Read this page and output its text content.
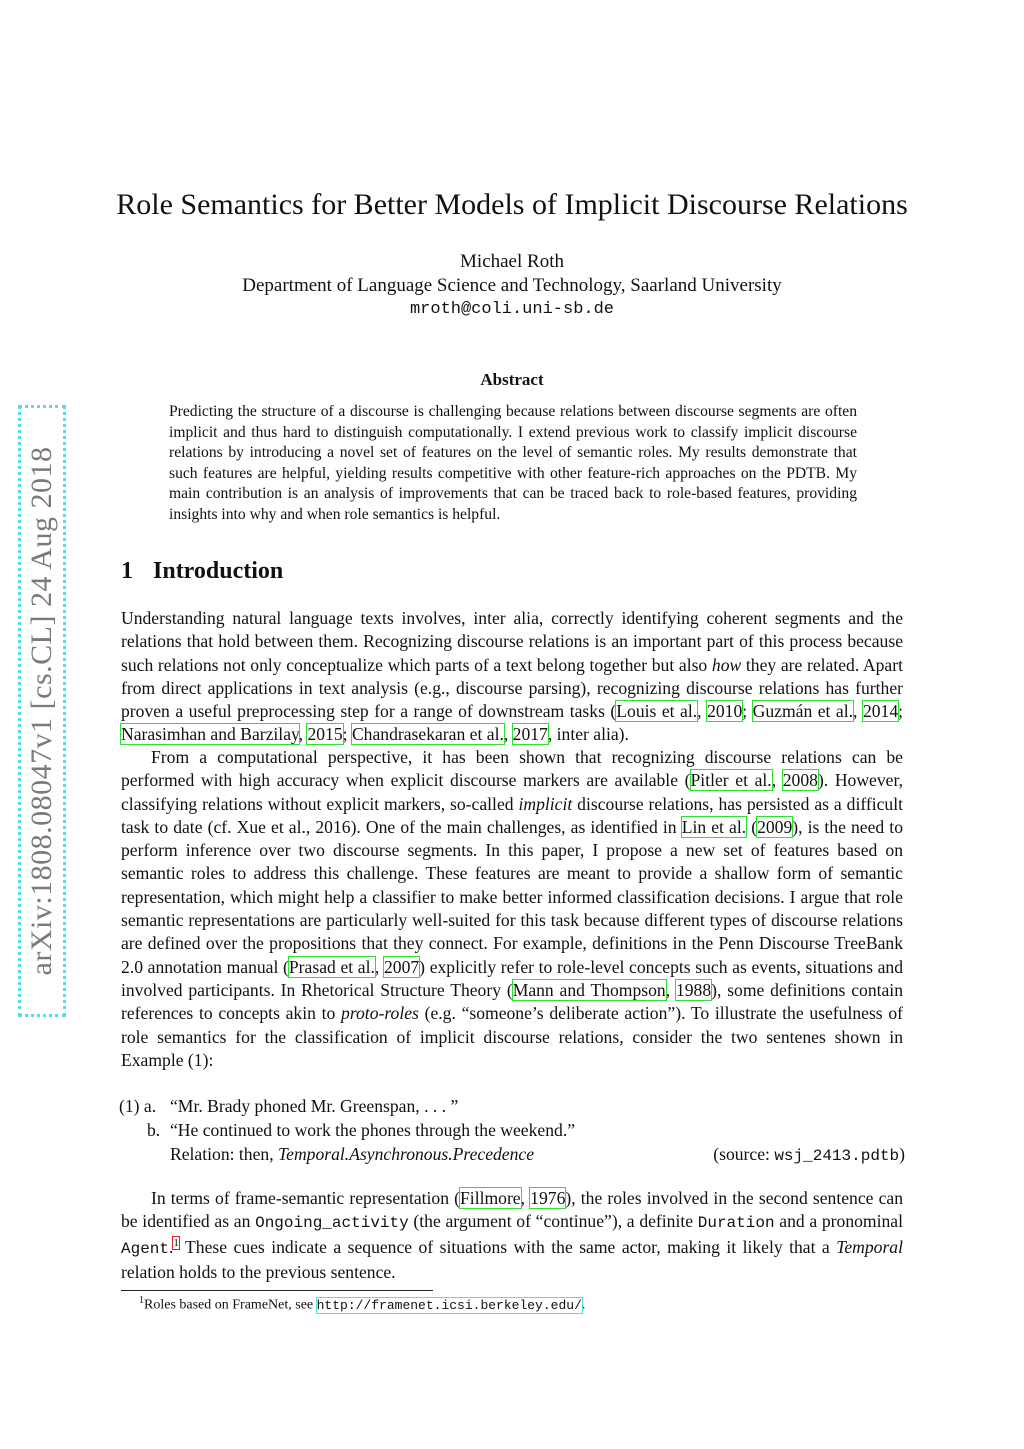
arXiv:1808.08047v1 [cs.CL] 24 Aug 2018
Role Semantics for Better Models of Implicit Discourse Relations
Michael Roth
Department of Language Science and Technology, Saarland University
mroth@coli.uni-sb.de
Abstract
Predicting the structure of a discourse is challenging because relations between discourse segments are often implicit and thus hard to distinguish computationally. I extend previous work to classify implicit discourse relations by introducing a novel set of features on the level of semantic roles. My results demonstrate that such features are helpful, yielding results competitive with other feature-rich approaches on the PDTB. My main contribution is an analysis of improvements that can be traced back to role-based features, providing insights into why and when role semantics is helpful.
1 Introduction

Understanding natural language texts involves, inter alia, correctly identifying coherent segments and the relations that hold between them. Recognizing discourse relations is an important part of this process because such relations not only conceptualize which parts of a text belong together but also how they are related. Apart from direct applications in text analysis (e.g., discourse parsing), recognizing discourse relations has further proven a useful preprocessing step for a range of downstream tasks (Louis et al., 2010; Guzmán et al., 2014; Narasimhan and Barzilay, 2015; Chandrasekaran et al., 2017, inter alia).

From a computational perspective, it has been shown that recognizing discourse relations can be performed with high accuracy when explicit discourse markers are available (Pitler et al., 2008). However, classifying relations without explicit markers, so-called implicit discourse relations, has persisted as a difficult task to date (cf. Xue et al., 2016). One of the main challenges, as identified in Lin et al. (2009), is the need to perform inference over two discourse segments. In this paper, I propose a new set of features based on semantic roles to address this challenge. These features are meant to provide a shallow form of semantic representation, which might help a classifier to make better informed classification decisions. I argue that role semantic representations are particularly well-suited for this task because different types of discourse relations are defined over the propositions that they connect. For example, definitions in the Penn Discourse TreeBank 2.0 annotation manual (Prasad et al., 2007) explicitly refer to role-level concepts such as events, situations and involved participants. In Rhetorical Structure Theory (Mann and Thompson, 1988), some definitions contain references to concepts akin to proto-roles (e.g. “someone’s deliberate action”). To illustrate the usefulness of role semantics for the classification of implicit discourse relations, consider the two sentenes shown in Example (1):

(1) a. “Mr. Brady phoned Mr. Greenspan, . . . ”
b. “He continued to work the phones through the weekend.”
Relation: then, Temporal.Asynchronous.Precedence	(source: wsj_2413.pdtb)

In terms of frame-semantic representation (Fillmore, 1976), the roles involved in the second sentence can be identified as an Ongoing_activity (the argument of “continue”), a definite Duration and a pronominal Agent.$^1$ These cues indicate a sequence of situations with the same actor, making it likely that a Temporal relation holds to the previous sentence.

$^1$Roles based on FrameNet, see http://framenet.icsi.berkeley.edu/.
